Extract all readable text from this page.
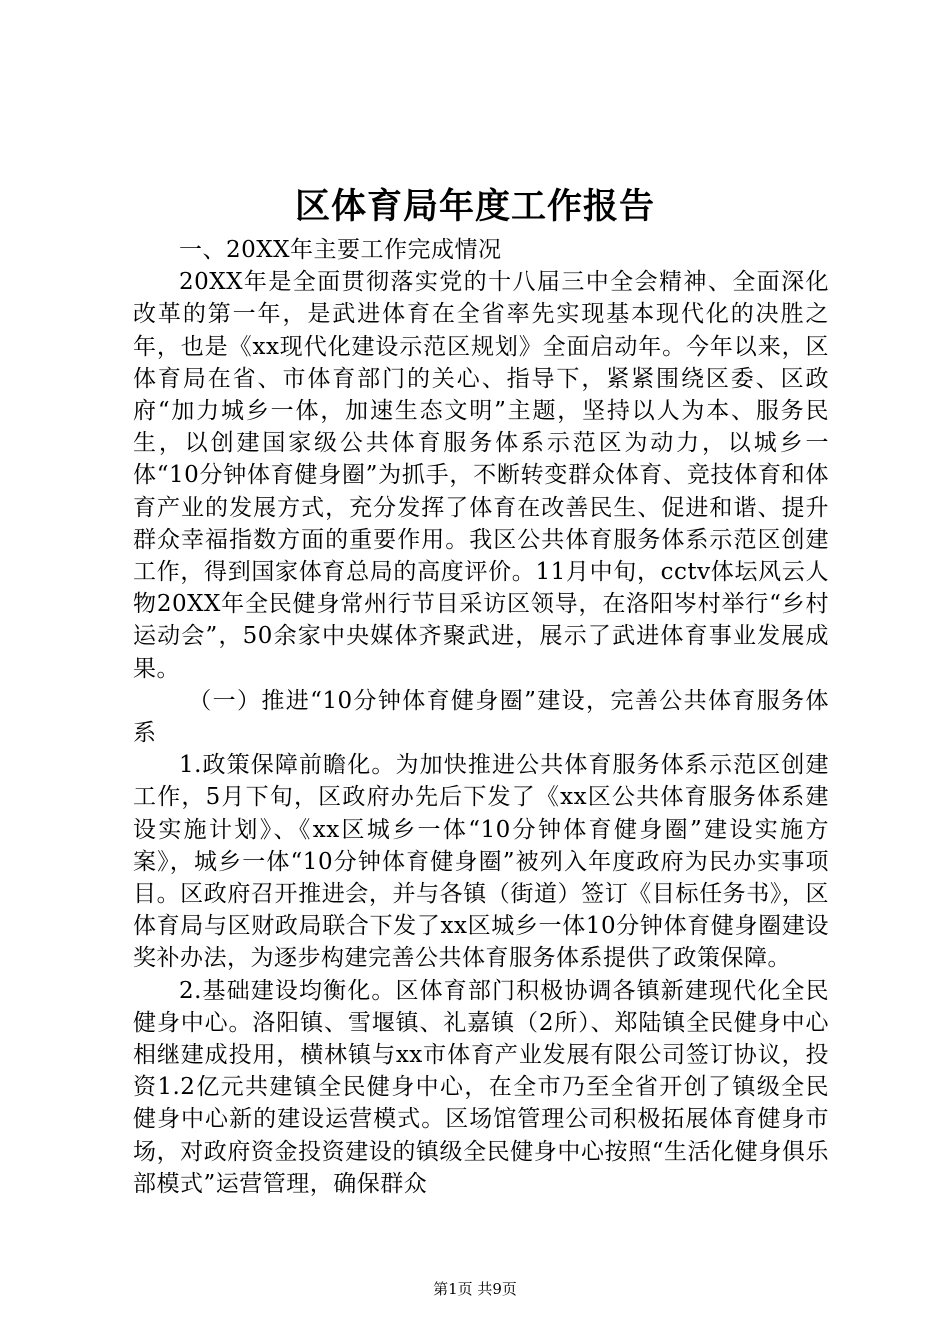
区体育局年度工作报告

一、20XX年主要工作完成情况

20XX年是全面贯彻落实党的十八届三中全会精神、全面深化改革的第一年，是武进体育在全省率先实现基本现代化的决胜之年，也是《xx现代化建设示范区规划》全面启动年。今年以来，区体育局在省、市体育部门的关心、指导下，紧紧围绕区委、区政府“加力城乡一体，加速生态文明”主题，坚持以人为本、服务民生，以创建国家级公共体育服务体系示范区为动力，以城乡一体“10分钟体育健身圈”为抓手，不断转变群众体育、竞技体育和体育产业的发展方式，充分发挥了体育在改善民生、促进和谐、提升群众幸福指数方面的重要作用。我区公共体育服务体系示范区创建工作，得到国家体育总局的高度评价。11月中旬，cctv体坛风云人物20XX年全民健身常州行节目采访区领导，在洛阳岑村举行“乡村运动会”，50余家中央媒体齐聚武进，展示了武进体育事业发展成果。

（一）推进“10分钟体育健身圈”建设，完善公共体育服务体系

1.政策保障前瞻化。为加快推进公共体育服务体系示范区创建工作，5月下旬，区政府办先后下发了《xx区公共体育服务体系建设实施计划》、《xx区城乡一体“10分钟体育健身圈”建设实施方案》，城乡一体“10分钟体育健身圈”被列入年度政府为民办实事项目。区政府召开推进会，并与各镇（街道）签订《目标任务书》，区体育局与区财政局联合下发了xx区城乡一体10分钟体育健身圈建设奖补办法，为逐步构建完善公共体育服务体系提供了政策保障。

2.基础建设均衡化。区体育部门积极协调各镇新建现代化全民健身中心。洛阳镇、雪堰镇、礼嘉镇（2所）、郑陆镇全民健身中心相继建成投用，横林镇与xx市体育产业发展有限公司签订协议，投资1.2亿元共建镇全民健身中心，在全市乃至全省开创了镇级全民健身中心新的建设运营模式。区场馆管理公司积极拓展体育健身市场，对政府资金投资建设的镇级全民健身中心按照“生活化健身俱乐部模式”运营管理，确保群众

第1页 共9页
